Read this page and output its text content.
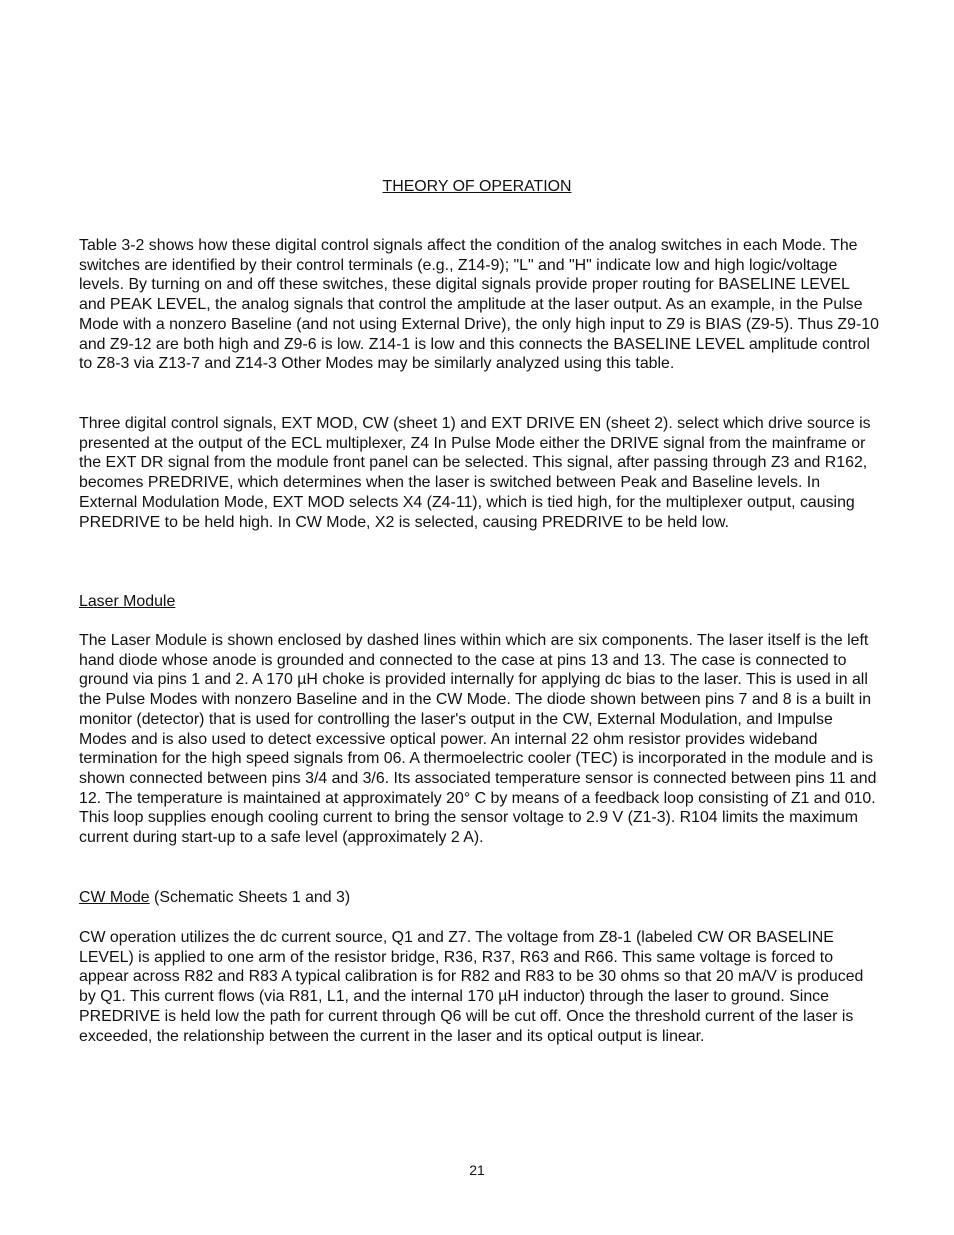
THEORY OF OPERATION

Table 3-2 shows how these digital control signals affect the condition of the analog switches in each Mode. The switches are identified by their control terminals (e.g., Z14-9); "L" and "H" indicate low and high logic/voltage levels. By turning on and off these switches, these digital signals provide proper routing for BASELINE LEVEL and PEAK LEVEL, the analog signals that control the amplitude at the laser output. As an example, in the Pulse Mode with a nonzero Baseline (and not using External Drive), the only high input to Z9 is BIAS (Z9-5). Thus Z9-10 and Z9-12 are both high and Z9-6 is low. Z14-1 is low and this connects the BASELINE LEVEL amplitude control to Z8-3 via Z13-7 and Z14-3 Other Modes may be similarly analyzed using this table.

Three digital control signals, EXT MOD, CW (sheet 1) and EXT DRIVE EN (sheet 2). select which drive source is presented at the output of the ECL multiplexer, Z4 In Pulse Mode either the DRIVE signal from the mainframe or the EXT DR signal from the module front panel can be selected. This signal, after passing through Z3 and R162, becomes PREDRIVE, which determines when the laser is switched between Peak and Baseline levels. In External Modulation Mode, EXT MOD selects X4 (Z4-11), which is tied high, for the multiplexer output, causing PREDRIVE to be held high. In CW Mode, X2 is selected, causing PREDRIVE to be held low.

Laser Module

The Laser Module is shown enclosed by dashed lines within which are six components. The laser itself is the left hand diode whose anode is grounded and connected to the case at pins 13 and 13. The case is connected to ground via pins 1 and 2. A 170 µH choke is provided internally for applying dc bias to the laser. This is used in all the Pulse Modes with nonzero Baseline and in the CW Mode. The diode shown between pins 7 and 8 is a built in monitor (detector) that is used for controlling the laser's output in the CW, External Modulation, and Impulse Modes and is also used to detect excessive optical power. An internal 22 ohm resistor provides wideband termination for the high speed signals from 06. A thermoelectric cooler (TEC) is incorporated in the module and is shown connected between pins 3/4 and 3/6. Its associated temperature sensor is connected between pins 11 and 12. The temperature is maintained at approximately 20° C by means of a feedback loop consisting of Z1 and 010. This loop supplies enough cooling current to bring the sensor voltage to 2.9 V (Z1-3). R104 limits the maximum current during start-up to a safe level (approximately 2 A).

CW Mode (Schematic Sheets 1 and 3)

CW operation utilizes the dc current source, Q1 and Z7. The voltage from Z8-1 (labeled CW OR BASELINE LEVEL) is applied to one arm of the resistor bridge, R36, R37, R63 and R66. This same voltage is forced to appear across R82 and R83 A typical calibration is for R82 and R83 to be 30 ohms so that 20 mA/V is produced by Q1. This current flows (via R81, L1, and the internal 170 µH inductor) through the laser to ground. Since PREDRIVE is held low the path for current through Q6 will be cut off. Once the threshold current of the laser is exceeded, the relationship between the current in the laser and its optical output is linear.

21
